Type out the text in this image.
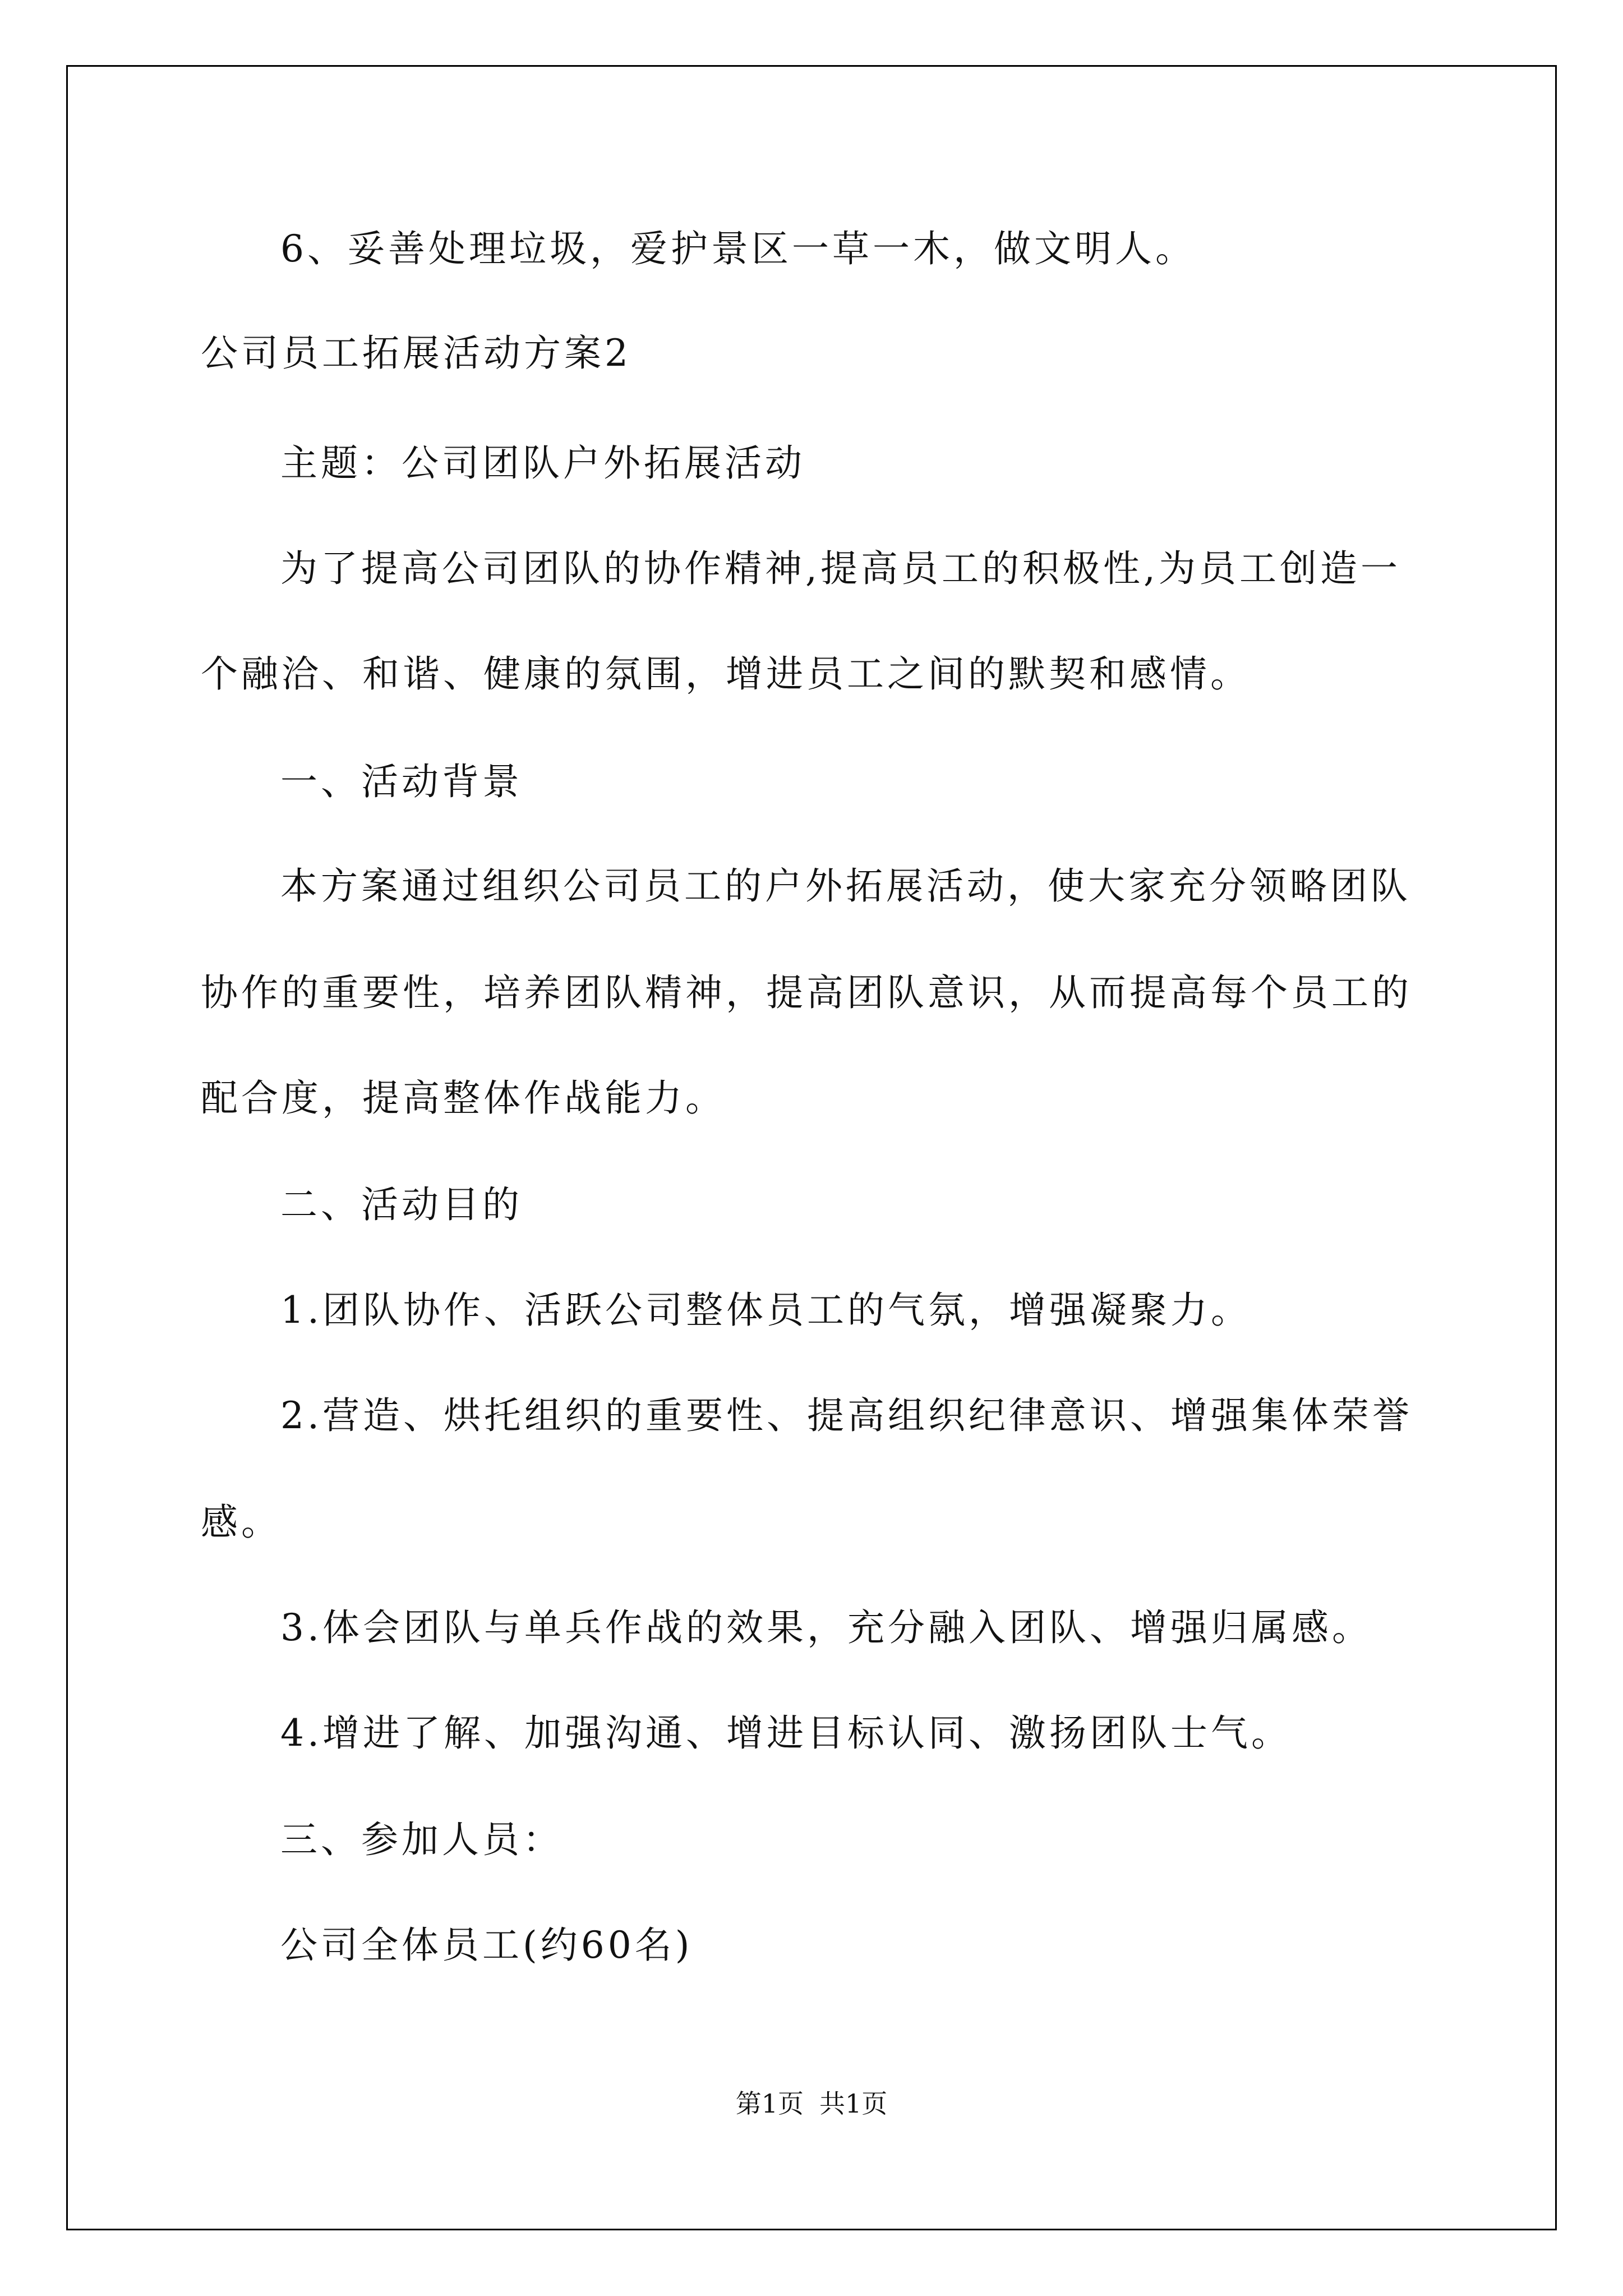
6、妥善处理垃圾，爱护景区一草一木，做文明人。
公司员工拓展活动方案2
主题：公司团队户外拓展活动
为了提高公司团队的协作精神,提高员工的积极性,为员工创造一
个融洽、和谐、健康的氛围，增进员工之间的默契和感情。
一、活动背景
本方案通过组织公司员工的户外拓展活动，使大家充分领略团队
协作的重要性，培养团队精神，提高团队意识，从而提高每个员工的
配合度，提高整体作战能力。
二、活动目的
1.团队协作、活跃公司整体员工的气氛，增强凝聚力。
2.营造、烘托组织的重要性、提高组织纪律意识、增强集体荣誉
感。
3.体会团队与单兵作战的效果，充分融入团队、增强归属感。
4.增进了解、加强沟通、增进目标认同、激扬团队士气。
三、参加人员：
公司全体员工(约60名)
第1页 共1页
